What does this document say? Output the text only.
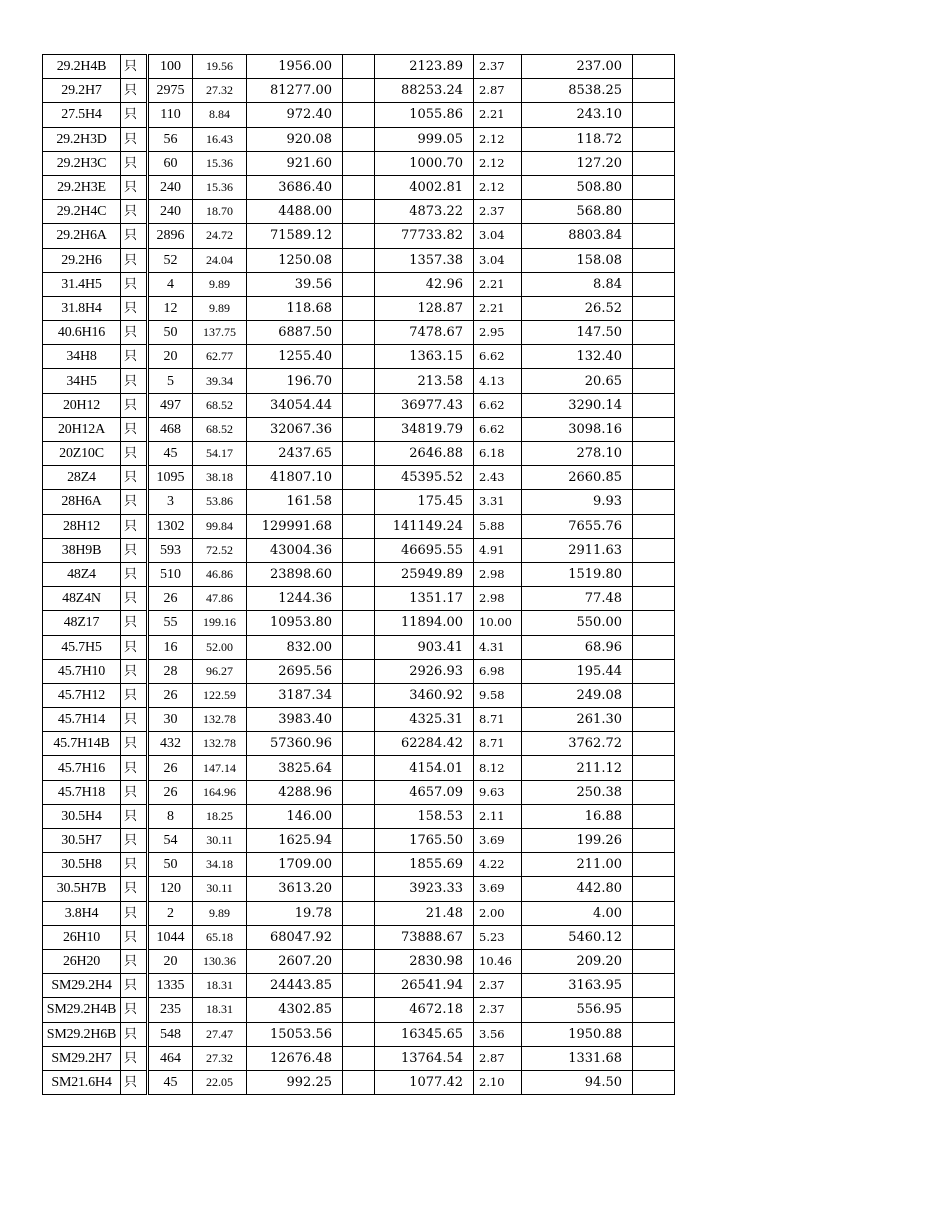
29.2H4B	只		100	19.56	1956.00		2123.89	2.37	237.00	
29.2H7	只		2975	27.32	81277.00		88253.24	2.87	8538.25	
27.5H4	只		110	8.84	972.40		1055.86	2.21	243.10	
29.2H3D	只		56	16.43	920.08		999.05	2.12	118.72	
29.2H3C	只		60	15.36	921.60		1000.70	2.12	127.20	
29.2H3E	只		240	15.36	3686.40		4002.81	2.12	508.80	
29.2H4C	只		240	18.70	4488.00		4873.22	2.37	568.80	
29.2H6A	只		2896	24.72	71589.12		77733.82	3.04	8803.84	
29.2H6	只		52	24.04	1250.08		1357.38	3.04	158.08	
31.4H5	只		4	9.89	39.56		42.96	2.21	8.84	
31.8H4	只		12	9.89	118.68		128.87	2.21	26.52	
40.6H16	只		50	137.75	6887.50		7478.67	2.95	147.50	
34H8	只		20	62.77	1255.40		1363.15	6.62	132.40	
34H5	只		5	39.34	196.70		213.58	4.13	20.65	
20H12	只		497	68.52	34054.44		36977.43	6.62	3290.14	
20H12A	只		468	68.52	32067.36		34819.79	6.62	3098.16	
20Z10C	只		45	54.17	2437.65		2646.88	6.18	278.10	
28Z4	只		1095	38.18	41807.10		45395.52	2.43	2660.85	
28H6A	只		3	53.86	161.58		175.45	3.31	9.93	
28H12	只		1302	99.84	129991.68		141149.24	5.88	7655.76	
38H9B	只		593	72.52	43004.36		46695.55	4.91	2911.63	
48Z4	只		510	46.86	23898.60		25949.89	2.98	1519.80	
48Z4N	只		26	47.86	1244.36		1351.17	2.98	77.48	
48Z17	只		55	199.16	10953.80		11894.00	10.00	550.00	
45.7H5	只		16	52.00	832.00		903.41	4.31	68.96	
45.7H10	只		28	96.27	2695.56		2926.93	6.98	195.44	
45.7H12	只		26	122.59	3187.34		3460.92	9.58	249.08	
45.7H14	只		30	132.78	3983.40		4325.31	8.71	261.30	
45.7H14B	只		432	132.78	57360.96		62284.42	8.71	3762.72	
45.7H16	只		26	147.14	3825.64		4154.01	8.12	211.12	
45.7H18	只		26	164.96	4288.96		4657.09	9.63	250.38	
30.5H4	只		8	18.25	146.00		158.53	2.11	16.88	
30.5H7	只		54	30.11	1625.94		1765.50	3.69	199.26	
30.5H8	只		50	34.18	1709.00		1855.69	4.22	211.00	
30.5H7B	只		120	30.11	3613.20		3923.33	3.69	442.80	
3.8H4	只		2	9.89	19.78		21.48	2.00	4.00	
26H10	只		1044	65.18	68047.92		73888.67	5.23	5460.12	
26H20	只		20	130.36	2607.20		2830.98	10.46	209.20	
SM29.2H4	只		1335	18.31	24443.85		26541.94	2.37	3163.95	
SM29.2H4B	只		235	18.31	4302.85		4672.18	2.37	556.95	
SM29.2H6B	只		548	27.47	15053.56		16345.65	3.56	1950.88	
SM29.2H7	只		464	27.32	12676.48		13764.54	2.87	1331.68	
SM21.6H4	只		45	22.05	992.25		1077.42	2.10	94.50	
